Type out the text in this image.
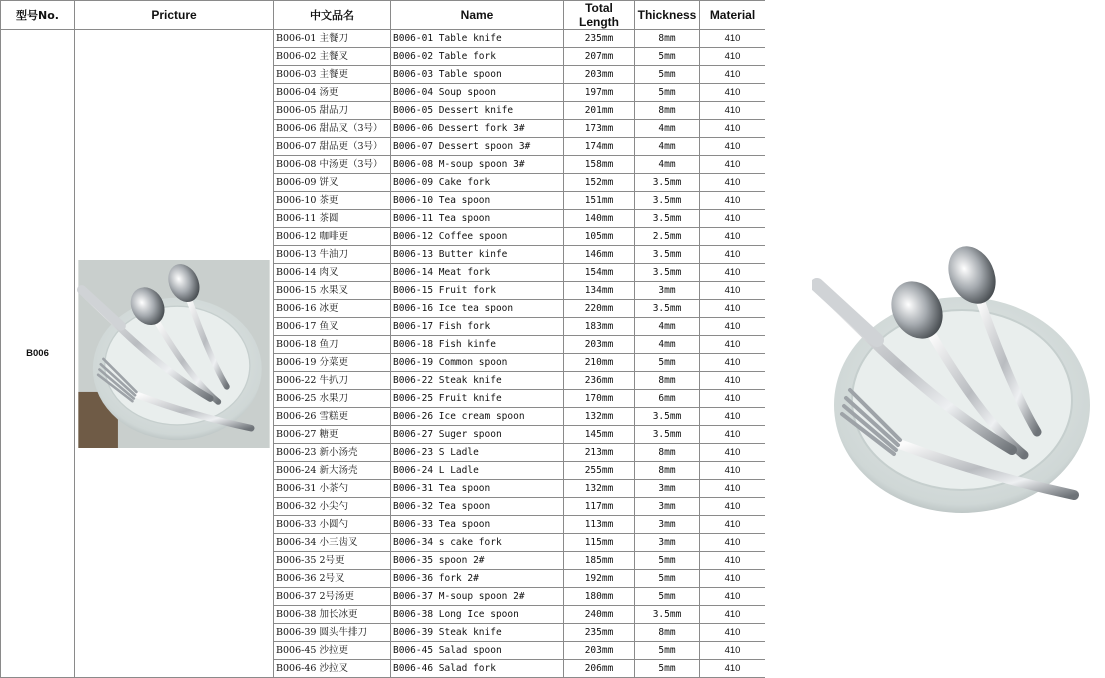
型号No.	Pricture	中文品名	Name	Total Length	Thickness	Material
B006		B006-01 主餐刀	B006-01 Table knife	235mm	8mm	410
		B006-02 主餐叉	B006-02 Table fork	207mm	5mm	410
		B006-03 主餐更	B006-03 Table spoon	203mm	5mm	410
		B006-04 汤更	B006-04 Soup spoon	197mm	5mm	410
		B006-05 甜品刀	B006-05 Dessert knife	201mm	8mm	410
		B006-06 甜品叉（3号）	B006-06 Dessert fork 3#	173mm	4mm	410
		B006-07 甜品更（3号）	B006-07 Dessert spoon 3#	174mm	4mm	410
		B006-08 中汤更（3号）	B006-08 M-soup spoon 3#	158mm	4mm	410
		B006-09 饼叉	B006-09 Cake fork	152mm	3.5mm	410
		B006-10 茶更	B006-10 Tea spoon	151mm	3.5mm	410
		B006-11 茶圆	B006-11 Tea spoon	140mm	3.5mm	410
		B006-12 咖啡更	B006-12 Coffee spoon	105mm	2.5mm	410
		B006-13 牛油刀	B006-13 Butter kinfe	146mm	3.5mm	410
		B006-14 肉叉	B006-14 Meat fork	154mm	3.5mm	410
		B006-15 水果叉	B006-15 Fruit fork	134mm	3mm	410
		B006-16 冰更	B006-16 Ice tea spoon	220mm	3.5mm	410
		B006-17 鱼叉	B006-17 Fish fork	183mm	4mm	410
		B006-18 鱼刀	B006-18 Fish kinfe	203mm	4mm	410
		B006-19 分菜更	B006-19 Common spoon	210mm	5mm	410
		B006-22 牛扒刀	B006-22 Steak knife	236mm	8mm	410
		B006-25 水果刀	B006-25 Fruit knife	170mm	6mm	410
		B006-26 雪糕更	B006-26 Ice cream spoon	132mm	3.5mm	410
		B006-27 糖更	B006-27 Suger spoon	145mm	3.5mm	410
		B006-23 新小汤壳	B006-23 S Ladle	213mm	8mm	410
		B006-24 新大汤壳	B006-24 L Ladle	255mm	8mm	410
		B006-31 小茶勺	B006-31 Tea spoon	132mm	3mm	410
		B006-32 小尖勺	B006-32 Tea spoon	117mm	3mm	410
		B006-33 小圆勺	B006-33 Tea spoon	113mm	3mm	410
		B006-34 小三齿叉	B006-34 s cake fork	115mm	3mm	410
		B006-35 2号更	B006-35 spoon 2#	185mm	5mm	410
		B006-36 2号叉	B006-36 fork 2#	192mm	5mm	410
		B006-37 2号汤更	B006-37 M-soup spoon 2#	180mm	5mm	410
		B006-38 加长冰更	B006-38 Long Ice spoon	240mm	3.5mm	410
		B006-39 圆头牛排刀	B006-39 Steak knife	235mm	8mm	410
		B006-45 沙拉更	B006-45 Salad spoon	203mm	5mm	410
		B006-46 沙拉叉	B006-46 Salad fork	206mm	5mm	410
